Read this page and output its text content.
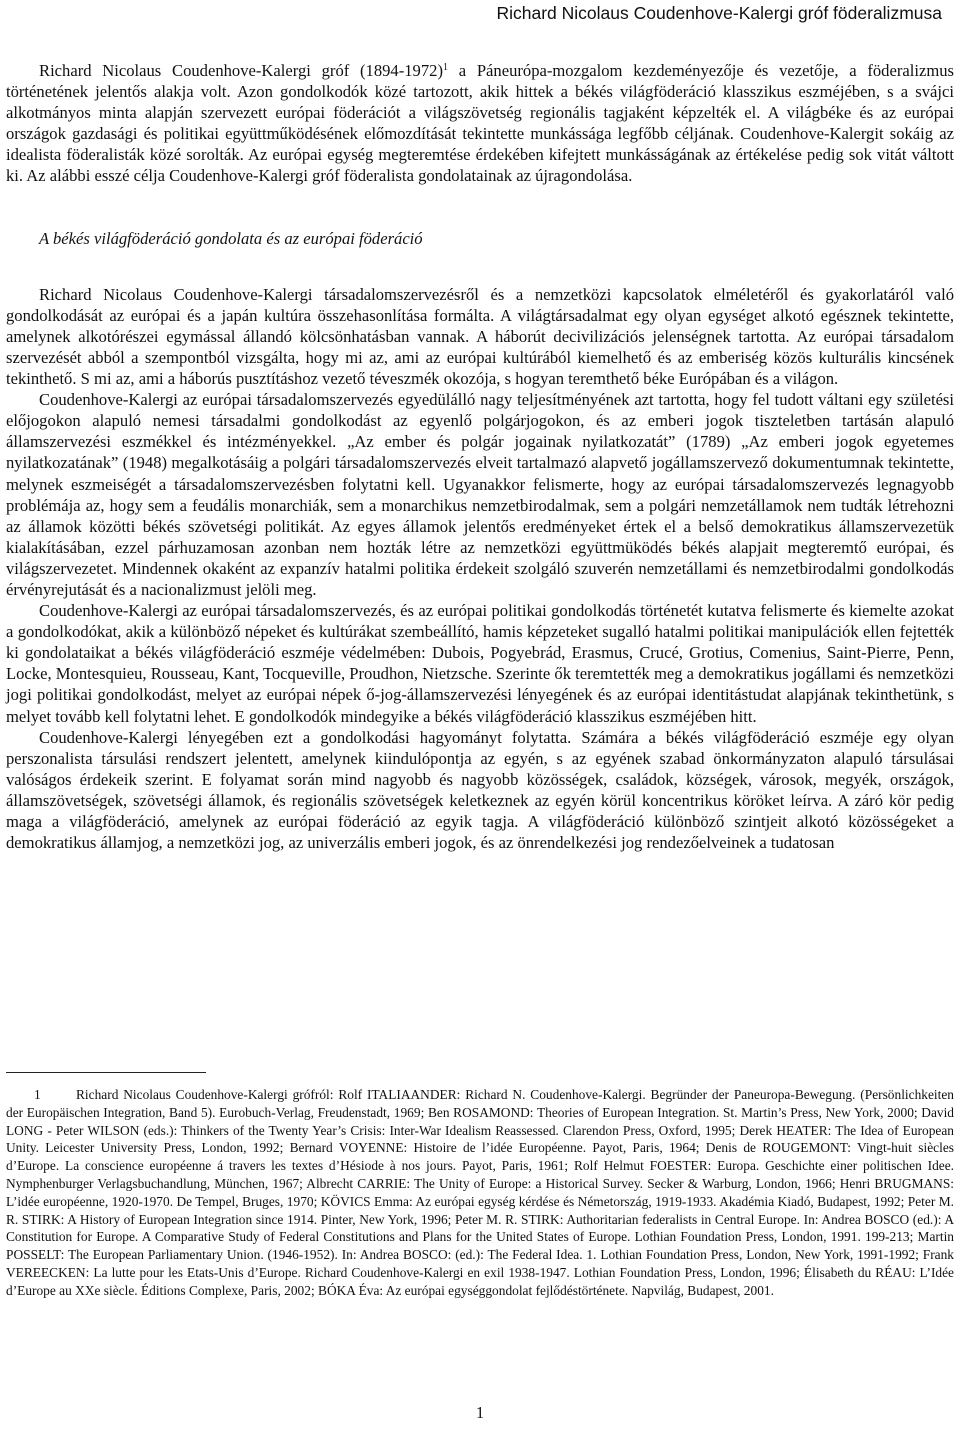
Richard Nicolaus Coudenhove-Kalergi gróf föderalizmusa

Richard Nicolaus Coudenhove-Kalergi gróf (1894-1972)$^1$ a Páneurópa-mozgalom kezdeményezője és vezetője, a föderalizmus történetének jelentős alakja volt. Azon gondolkodók közé tartozott, akik hittek a békés világföderáció klasszikus eszméjében, s a svájci alkotmányos minta alapján szervezett európai föderációt a világszövetség regionális tagjaként képzelték el. A világbéke és az európai országok gazdasági és politikai együttműködésének előmozdítását tekintette munkássága legfőbb céljának. Coudenhove-Kalergit sokáig az idealista föderalisták közé sorolták. Az európai egység megteremtése érdekében kifejtett munkásságának az értékelése pedig sok vitát váltott ki. Az alábbi esszé célja Coudenhove-Kalergi gróf föderalista gondolatainak az újragondolása.

A békés világföderáció gondolata és az európai föderáció

Richard Nicolaus Coudenhove-Kalergi társadalomszervezésről és a nemzetközi kapcsolatok elméletéről és gyakorlatáról való gondolkodását az európai és a japán kultúra összehasonlítása formálta. A világtársadalmat egy olyan egységet alkotó egésznek tekintette, amelynek alkotórészei egymással állandó kölcsönhatásban vannak. A háborút decivilizációs jelenségnek tartotta. Az európai társadalom szervezését abból a szempontból vizsgálta, hogy mi az, ami az európai kultúrából kiemelhető és az emberiség közös kulturális kincsének tekinthető. S mi az, ami a háborús pusztításhoz vezető téveszmék okozója, s hogyan teremthető béke Európában és a világon.

Coudenhove-Kalergi az európai társadalomszervezés egyedülálló nagy teljesítményének azt tartotta, hogy fel tudott váltani egy születési előjogokon alapuló nemesi társadalmi gondolkodást az egyenlő polgárjogokon, és az emberi jogok tiszteletben tartásán alapuló államszervezési eszmékkel és intézményekkel. „Az ember és polgár jogainak nyilatkozatát” (1789) „Az emberi jogok egyetemes nyilatkozatának” (1948) megalkotásáig a polgári társadalomszervezés elveit tartalmazó alapvető jogállamszervező dokumentumnak tekintette, melynek eszmeiségét a társadalomszervezésben folytatni kell. Ugyanakkor felismerte, hogy az európai társadalomszervezés legnagyobb problémája az, hogy sem a feudális monarchiák, sem a monarchikus nemzetbirodalmak, sem a polgári nemzetállamok nem tudták létrehozni az államok közötti békés szövetségi politikát. Az egyes államok jelentős eredményeket értek el a belső demokratikus államszervezetük kialakításában, ezzel párhuzamosan azonban nem hozták létre az nemzetközi együttmüködés békés alapjait megteremtő európai, és világszervezetet. Mindennek okaként az expanzív hatalmi politika érdekeit szolgáló szuverén nemzetállami és nemzetbirodalmi gondolkodás érvényrejutását és a nacionalizmust jelöli meg.

Coudenhove-Kalergi az európai társadalomszervezés, és az európai politikai gondolkodás történetét kutatva felismerte és kiemelte azokat a gondolkodókat, akik a különböző népeket és kultúrákat szembeállító, hamis képzeteket sugalló hatalmi politikai manipulációk ellen fejtették ki gondolataikat a békés világföderáció eszméje védelmében: Dubois, Pogyebrád, Erasmus, Crucé, Grotius, Comenius, Saint-Pierre, Penn, Locke, Montesquieu, Rousseau, Kant, Tocqueville, Proudhon, Nietzsche. Szerinte ők teremtették meg a demokratikus jogállami és nemzetközi jogi politikai gondolkodást, melyet az európai népek ő-jog-államszervezési lényegének és az európai identitástudat alapjának tekinthetünk, s melyet tovább kell folytatni lehet. E gondolkodók mindegyike a békés világföderáció klasszikus eszméjében hitt.

Coudenhove-Kalergi lényegében ezt a gondolkodási hagyományt folytatta. Számára a békés világföderáció eszméje egy olyan perszonalista társulási rendszert jelentett, amelynek kiindulópontja az egyén, s az egyének szabad önkormányzaton alapuló társulásai valóságos érdekeik szerint. E folyamat során mind nagyobb és nagyobb közösségek, családok, községek, városok, megyék, országok, államszövetségek, szövetségi államok, és regionális szövetségek keletkeznek az egyén körül koncentrikus köröket leírva. A záró kör pedig maga a világföderáció, amelynek az európai föderáció az egyik tagja. A világföderáció különböző szintjeit alkotó közösségeket a demokratikus államjog, a nemzetközi jog, az univerzális emberi jogok, és az önrendelkezési jog rendezőelveinek a tudatosan

1	Richard Nicolaus Coudenhove-Kalergi grófról: Rolf ITALIAANDER: Richard N. Coudenhove-Kalergi. Begründer der Paneuropa-Bewegung. (Persönlichkeiten der Europäischen Integration, Band 5). Eurobuch-Verlag, Freudenstadt, 1969; Ben ROSAMOND: Theories of European Integration. St. Martin’s Press, New York, 2000; David LONG - Peter WILSON (eds.): Thinkers of the Twenty Year’s Crisis: Inter-War Idealism Reassessed. Clarendon Press, Oxford, 1995; Derek HEATER: The Idea of European Unity. Leicester University Press, London, 1992; Bernard VOYENNE: Histoire de l’idée Européenne. Payot, Paris, 1964; Denis de ROUGEMONT: Vingt-huit siècles d’Europe. La conscience européenne á travers les textes d’Hésiode à nos jours. Payot, Paris, 1961; Rolf Helmut FOESTER: Europa. Geschichte einer politischen Idee. Nymphenburger Verlagsbuchandlung, München, 1967; Albrecht CARRIE: The Unity of Europe: a Historical Survey. Secker & Warburg, London, 1966; Henri BRUGMANS: L’idée européenne, 1920-1970. De Tempel, Bruges, 1970; KÖVICS Emma: Az európai egység kérdése és Németország, 1919-1933. Akadémia Kiadó, Budapest, 1992; Peter M. R. STIRK: A History of European Integration since 1914. Pinter, New York, 1996; Peter M. R. STIRK: Authoritarian federalists in Central Europe. In: Andrea BOSCO (ed.): A Constitution for Europe. A Comparative Study of Federal Constitutions and Plans for the United States of Europe. Lothian Foundation Press, London, 1991. 199-213; Martin POSSELT: The European Parliamentary Union. (1946-1952). In: Andrea BOSCO: (ed.): The Federal Idea. 1. Lothian Foundation Press, London, New York, 1991-1992; Frank VEREECKEN: La lutte pour les Etats-Unis d’Europe. Richard Coudenhove-Kalergi en exil 1938-1947. Lothian Foundation Press, London, 1996; Élisabeth du RÉAU: L’Idée d’Europe au XXe siècle. Éditions Complexe, Paris, 2002; BÓKA Éva: Az európai egységgondolat fejlődéstörténete. Napvilág, Budapest, 2001.
1
